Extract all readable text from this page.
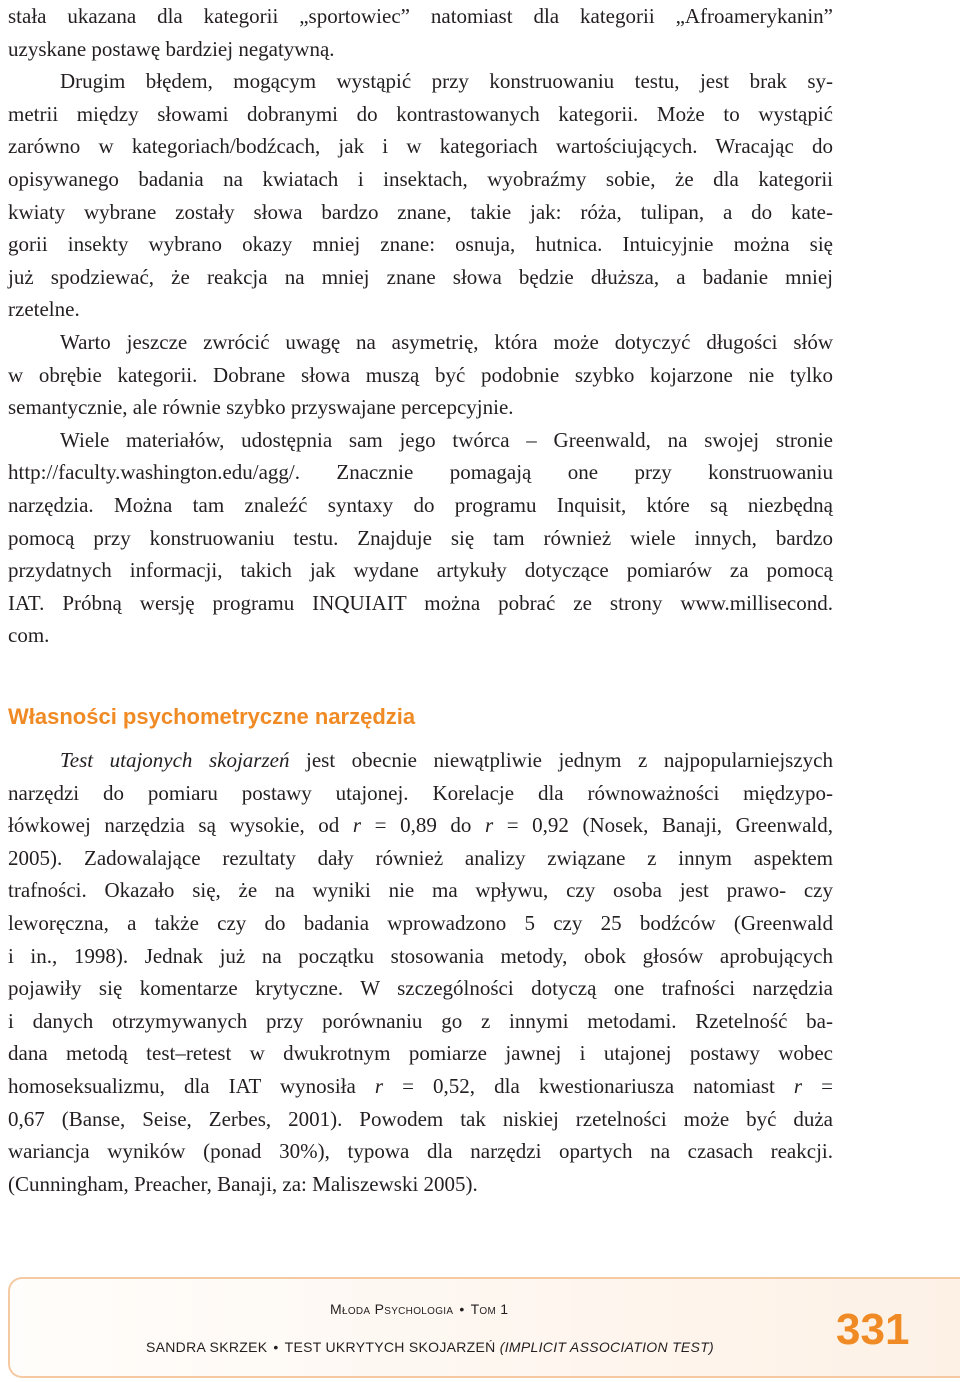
stała ukazana dla kategorii „sportowiec” natomiast dla kategorii „Afroamerykanin”
uzyskane postawę bardziej negatywną.
Drugim błędem, mogącym wystąpić przy konstruowaniu testu, jest brak sy-
metrii między słowami dobranymi do kontrastowanych kategorii. Może to wystąpić
zarówno w kategoriach/bodźcach, jak i w kategoriach wartościujących. Wracając do
opisywanego badania na kwiatach i insektach, wyobraźmy sobie, że dla kategorii
kwiaty wybrane zostały słowa bardzo znane, takie jak: róża, tulipan, a do kate-
gorii insekty wybrano okazy mniej znane: osnuja, hutnica. Intuicyjnie można się
już spodziewać, że reakcja na mniej znane słowa będzie dłuższa, a badanie mniej
rzetelne.
Warto jeszcze zwrócić uwagę na asymetrię, która może dotyczyć długości słów
w obrębie kategorii. Dobrane słowa muszą być podobnie szybko kojarzone nie tylko
semantycznie, ale równie szybko przyswajane percepcyjnie.
Wiele materiałów, udostępnia sam jego twórca – Greenwald, na swojej stronie
http://faculty.washington.edu/agg/. Znacznie pomagają one przy konstruowaniu
narzędzia. Można tam znaleźć syntaxy do programu Inquisit, które są niezbędną
pomocą przy konstruowaniu testu. Znajduje się tam również wiele innych, bardzo
przydatnych informacji, takich jak wydane artykuły dotyczące pomiarów za pomocą
IAT. Próbną wersję programu INQUIAIT można pobrać ze strony www.millisecond.
com.
Własności psychometryczne narzędzia
Test utajonych skojarzeń jest obecnie niewątpliwie jednym z najpopularniejszych
narzędzi do pomiaru postawy utajonej. Korelacje dla równoważności międzypo-
łówkowej narzędzia są wysokie, od r = 0,89 do r = 0,92 (Nosek, Banaji, Greenwald,
2005). Zadowalające rezultaty dały również analizy związane z innym aspektem
trafności. Okazało się, że na wyniki nie ma wpływu, czy osoba jest prawo- czy
leworęczna, a także czy do badania wprowadzono 5 czy 25 bodźców (Greenwald
i in., 1998). Jednak już na początku stosowania metody, obok głosów aprobujących
pojawiły się komentarze krytyczne. W szczególności dotyczą one trafności narzędzia
i danych otrzymywanych przy porównaniu go z innymi metodami. Rzetelność ba-
dana metodą test–retest w dwukrotnym pomiarze jawnej i utajonej postawy wobec
homoseksualizmu, dla IAT wynosiła r = 0,52, dla kwestionariusza natomiast r =
0,67 (Banse, Seise, Zerbes, 2001). Powodem tak niskiej rzetelności może być duża
wariancja wyników (ponad 30%), typowa dla narzędzi opartych na czasach reakcji.
(Cunningham, Preacher, Banaji, za: Maliszewski 2005).
Młoda Psychologia • Tom 1
SANDRA SKRZEK • TEST UKRYTYCH SKOJARZEŃ (IMPLICIT ASSOCIATION TEST)	331
